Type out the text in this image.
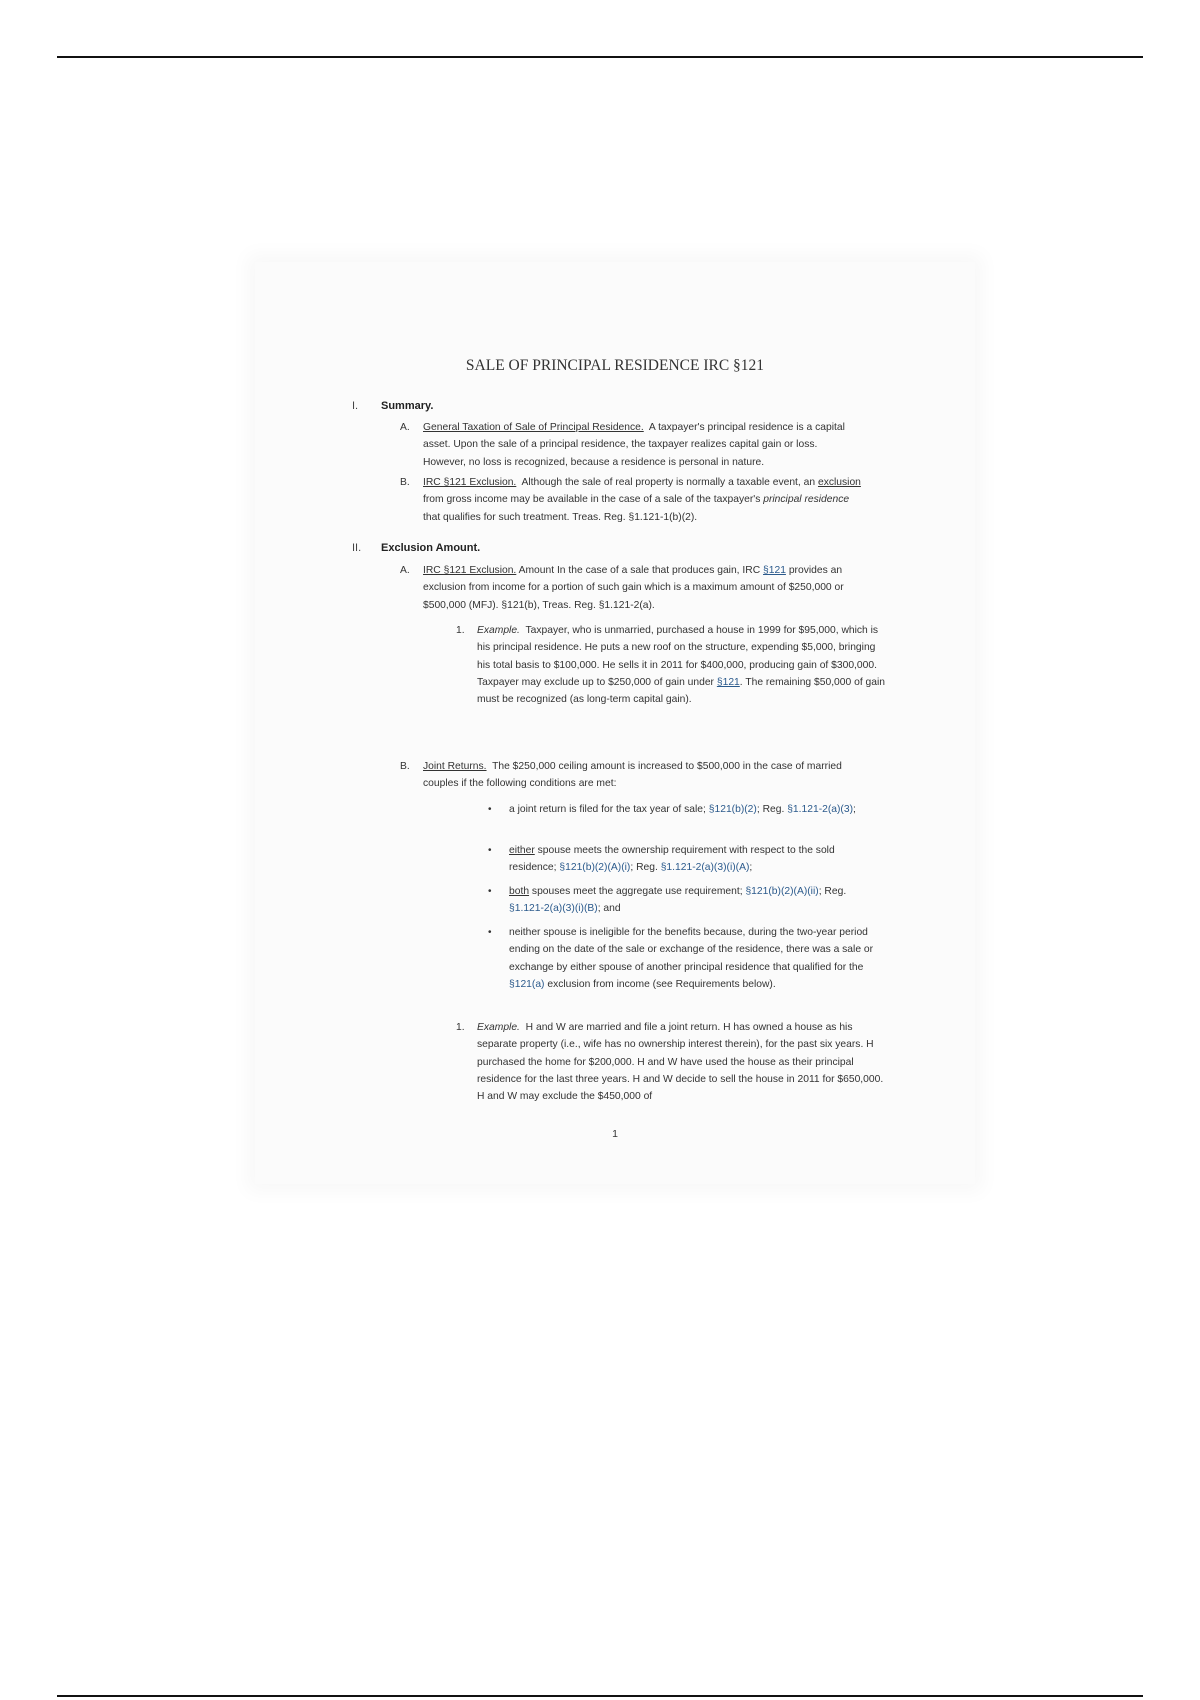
SALE OF PRINCIPAL RESIDENCE IRC §121
I. Summary.
A. General Taxation of Sale of Principal Residence. A taxpayer's principal residence is a capital asset. Upon the sale of a principal residence, the taxpayer realizes capital gain or loss. However, no loss is recognized, because a residence is personal in nature.
B. IRC §121 Exclusion. Although the sale of real property is normally a taxable event, an exclusion from gross income may be available in the case of a sale of the taxpayer's principal residence that qualifies for such treatment. Treas. Reg. §1.121‑1(b)(2).
II. Exclusion Amount.
A. IRC §121 Exclusion. Amount In the case of a sale that produces gain, IRC §121 provides an exclusion from income for a portion of such gain which is a maximum amount of $250,000 or $500,000 (MFJ). §121(b), Treas. Reg. §1.121‑2(a).
1. Example. Taxpayer, who is unmarried, purchased a house in 1999 for $95,000, which is his principal residence. He puts a new roof on the structure, expending $5,000, bringing his total basis to $100,000. He sells it in 2011 for $400,000, producing gain of $300,000. Taxpayer may exclude up to $250,000 of gain under §121. The remaining $50,000 of gain must be recognized (as long‑term capital gain).
B. Joint Returns. The $250,000 ceiling amount is increased to $500,000 in the case of married couples if the following conditions are met:
• a joint return is filed for the tax year of sale; §121(b)(2); Reg. §1.121‑2(a)(3);
• either spouse meets the ownership requirement with respect to the sold residence; §121(b)(2)(A)(i); Reg. §1.121‑2(a)(3)(i)(A);
• both spouses meet the aggregate use requirement; §121(b)(2)(A)(ii); Reg. §1.121‑2(a)(3)(i)(B); and
• neither spouse is ineligible for the benefits because, during the two‑year period ending on the date of the sale or exchange of the residence, there was a sale or exchange by either spouse of another principal residence that qualified for the §121(a) exclusion from income (see Requirements below).
1. Example. H and W are married and file a joint return. H has owned a house as his separate property (i.e., wife has no ownership interest therein), for the past six years. H purchased the home for $200,000. H and W have used the house as their principal residence for the last three years. H and W decide to sell the house in 2011 for $650,000. H and W may exclude the $450,000 of
1
